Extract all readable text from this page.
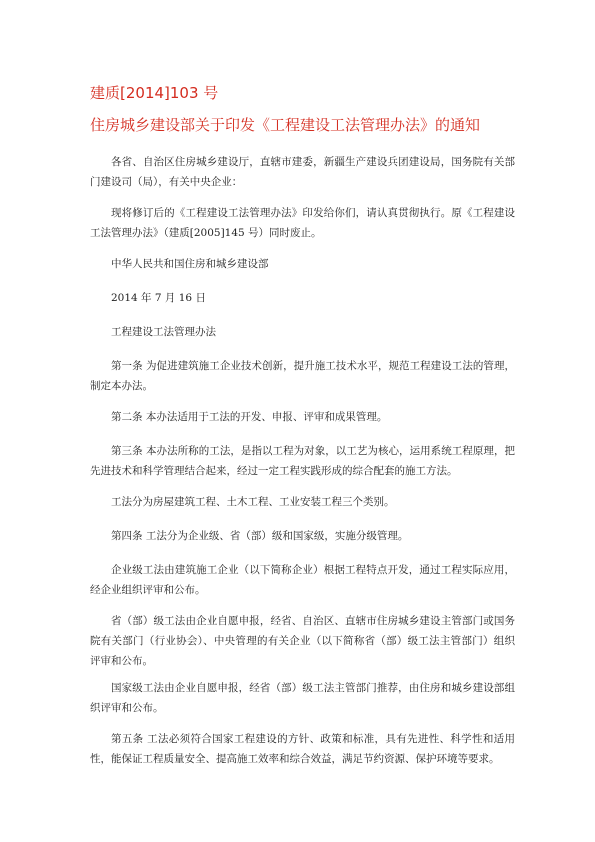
建质[2014]103 号
住房城乡建设部关于印发《工程建设工法管理办法》的通知

各省、自治区住房城乡建设厅，直辖市建委，新疆生产建设兵团建设局，国务院有关部门建设司（局），有关中央企业：

现将修订后的《工程建设工法管理办法》印发给你们，请认真贯彻执行。原《工程建设工法管理办法》（建质[2005]145 号）同时废止。

中华人民共和国住房和城乡建设部

2014 年 7 月 16 日

工程建设工法管理办法

第一条 为促进建筑施工企业技术创新，提升施工技术水平，规范工程建设工法的管理，制定本办法。

第二条 本办法适用于工法的开发、申报、评审和成果管理。

第三条 本办法所称的工法，是指以工程为对象，以工艺为核心，运用系统工程原理，把先进技术和科学管理结合起来，经过一定工程实践形成的综合配套的施工方法。

工法分为房屋建筑工程、土木工程、工业安装工程三个类别。

第四条 工法分为企业级、省（部）级和国家级，实施分级管理。

企业级工法由建筑施工企业（以下简称企业）根据工程特点开发，通过工程实际应用，经企业组织评审和公布。

省（部）级工法由企业自愿申报，经省、自治区、直辖市住房城乡建设主管部门或国务院有关部门（行业协会）、中央管理的有关企业（以下简称省（部）级工法主管部门）组织评审和公布。

国家级工法由企业自愿申报，经省（部）级工法主管部门推荐，由住房和城乡建设部组织评审和公布。

第五条 工法必须符合国家工程建设的方针、政策和标准，具有先进性、科学性和适用性，能保证工程质量安全、提高施工效率和综合效益，满足节约资源、保护环境等要求。
